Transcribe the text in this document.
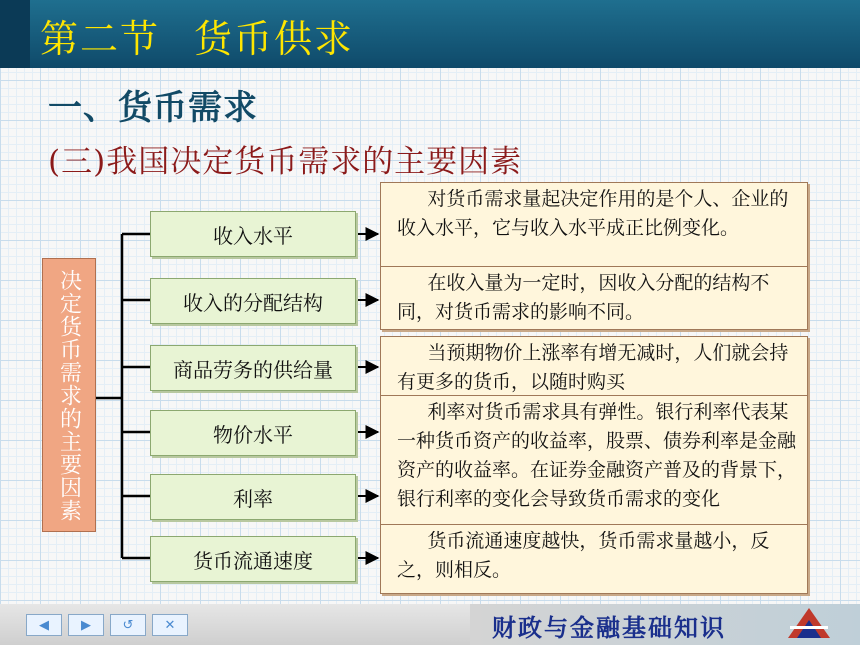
第二节 货币供求
一、货币需求
(三)我国决定货币需求的主要因素
决定货币需求的主要因素
收入水平
收入的分配结构
商品劳务的供给量
物价水平
利率
货币流通速度
对货币需求量起决定作用的是个人、企业的收入水平，它与收入水平成正比例变化。
在收入量为一定时，因收入分配的结构不同，对货币需求的影响不同。
当预期物价上涨率有增无减时，人们就会持有更多的货币，以随时购买
利率对货币需求具有弹性。银行利率代表某一种货币资产的收益率，股票、债券利率是金融资产的收益率。在证券金融资产普及的背景下，银行利率的变化会导致货币需求的变化
货币流通速度越快，货币需求量越小，反之，则相反。
◀ ▶ ↺ ✕	财政与金融基础知识
